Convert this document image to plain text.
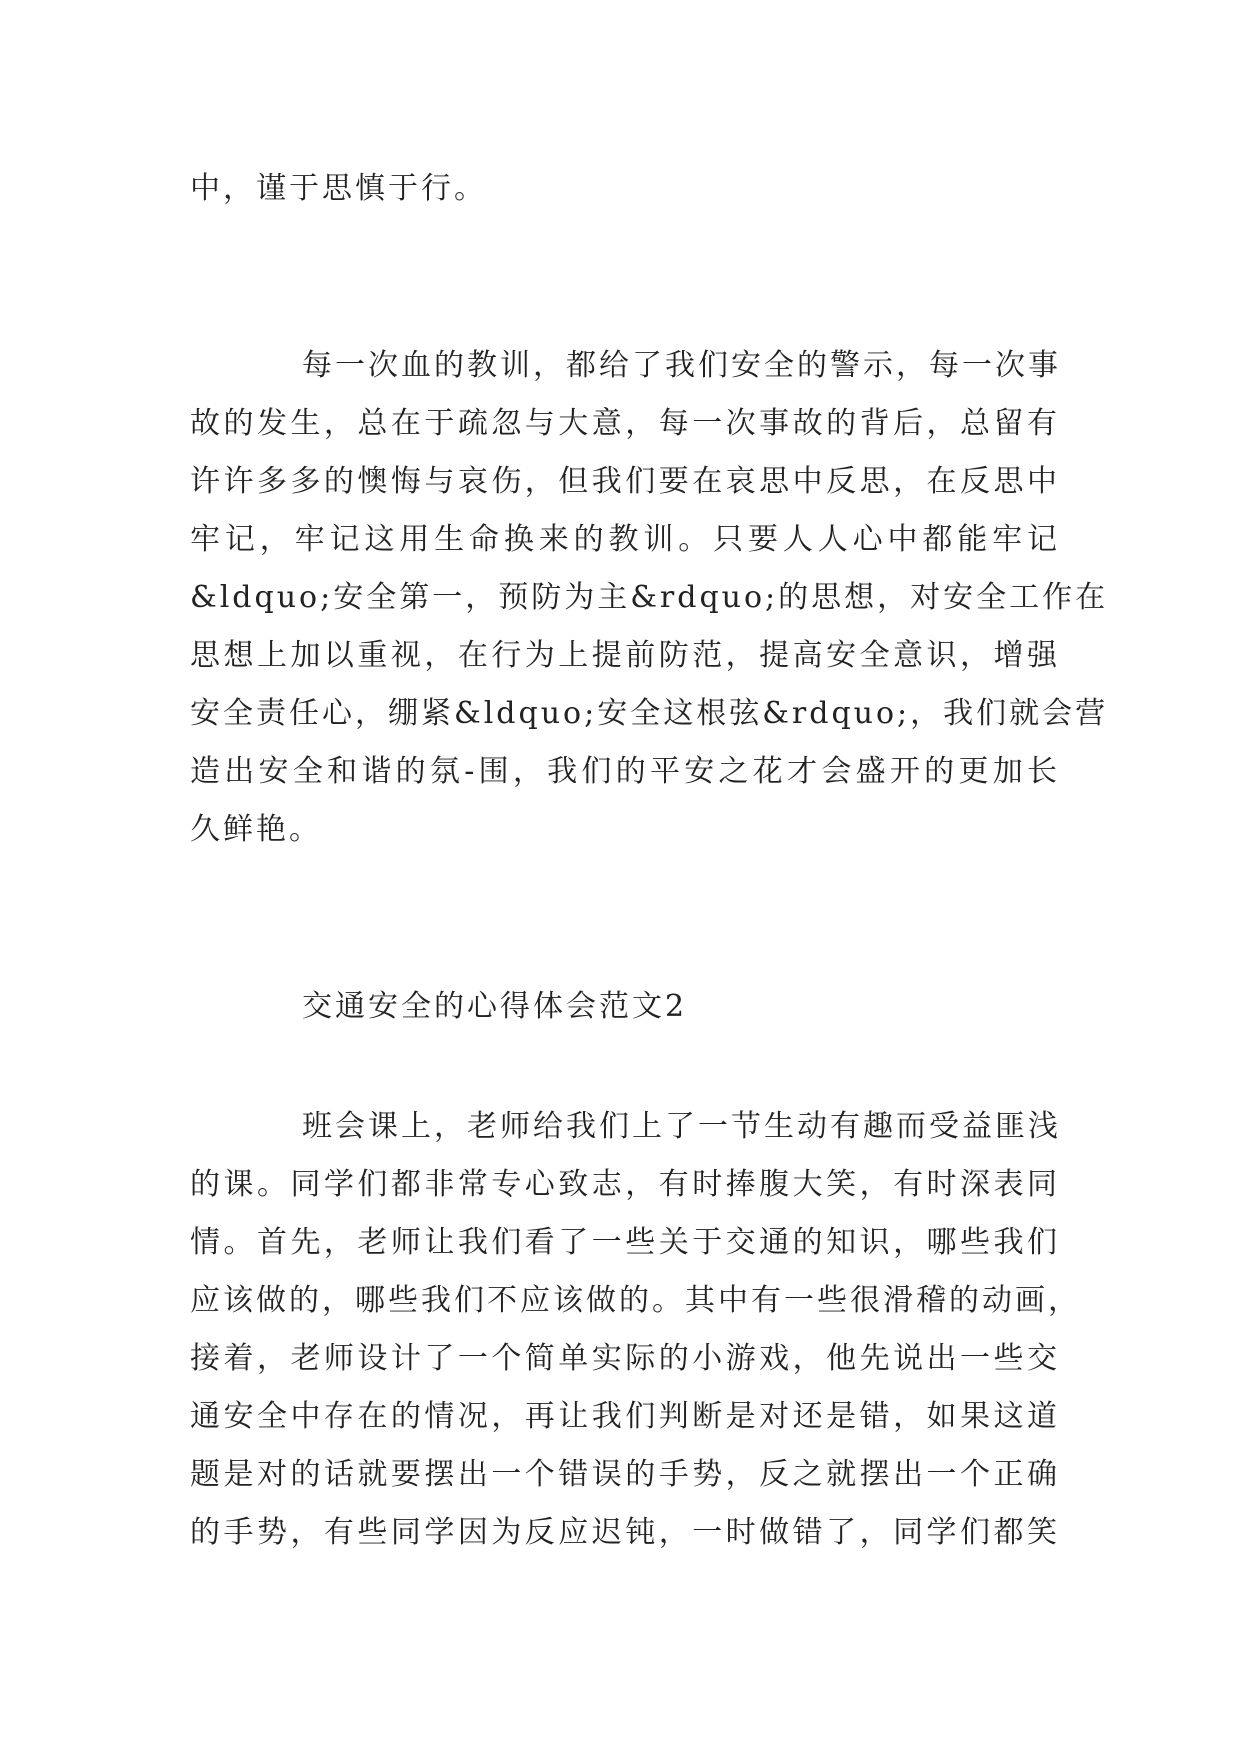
中，谨于思慎于行。
每一次血的教训，都给了我们安全的警示，每一次事
故的发生，总在于疏忽与大意，每一次事故的背后，总留有
许许多多的懊悔与哀伤，但我们要在哀思中反思，在反思中
牢记，牢记这用生命换来的教训。只要人人心中都能牢记
&ldquo;安全第一，预防为主&rdquo;的思想，对安全工作在
思想上加以重视，在行为上提前防范，提高安全意识，增强
安全责任心，绷紧&ldquo;安全这根弦&rdquo;，我们就会营
造出安全和谐的氛-围，我们的平安之花才会盛开的更加长
久鲜艳。
交通安全的心得体会范文2
班会课上，老师给我们上了一节生动有趣而受益匪浅
的课。同学们都非常专心致志，有时捧腹大笑，有时深表同
情。首先，老师让我们看了一些关于交通的知识，哪些我们
应该做的，哪些我们不应该做的。其中有一些很滑稽的动画，
接着，老师设计了一个简单实际的小游戏，他先说出一些交
通安全中存在的情况，再让我们判断是对还是错，如果这道
题是对的话就要摆出一个错误的手势，反之就摆出一个正确
的手势，有些同学因为反应迟钝，一时做错了，同学们都笑
